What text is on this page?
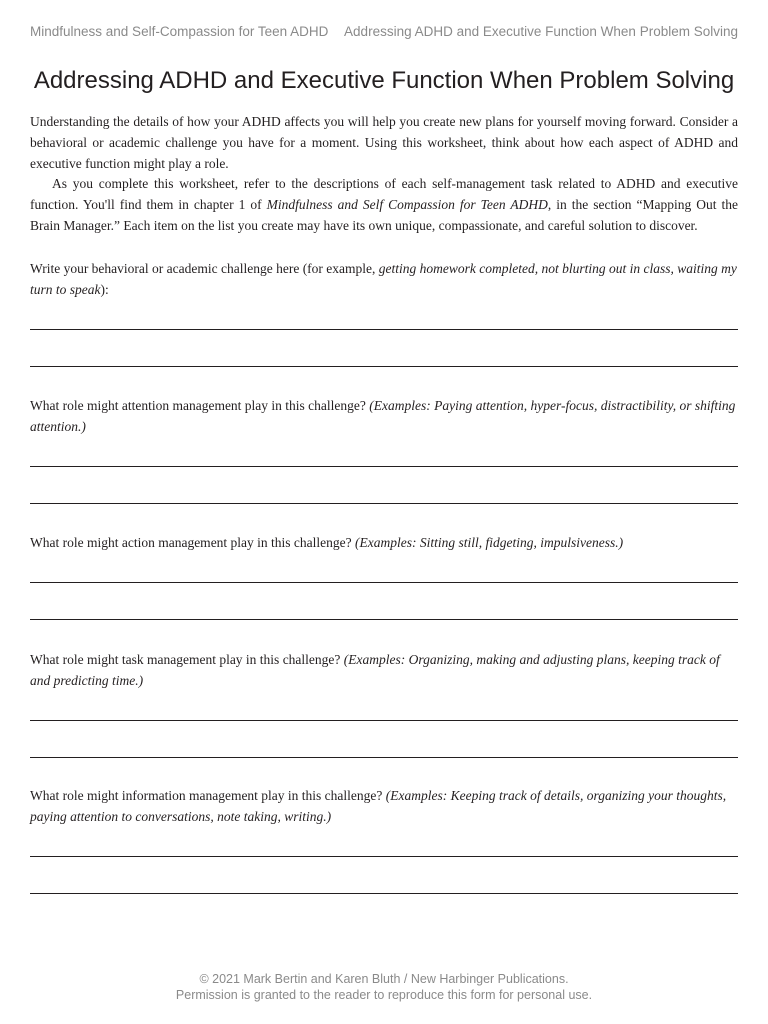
Mindfulness and Self-Compassion for Teen ADHD Addressing ADHD and Executive Function When Problem Solving
Addressing ADHD and Executive Function When Problem Solving

Understanding the details of how your ADHD affects you will help you create new plans for yourself moving forward. Consider a behavioral or academic challenge you have for a moment. Using this worksheet, think about how each aspect of ADHD and executive function might play a role.

As you complete this worksheet, refer to the descriptions of each self-management task related to ADHD and executive function. You'll find them in chapter 1 of Mindfulness and Self Compassion for Teen ADHD, in the section “Mapping Out the Brain Manager.” Each item on the list you create may have its own unique, compassionate, and careful solution to discover.

Write your behavioral or academic challenge here (for example, getting homework completed, not blurting out in class, waiting my turn to speak):
What role might attention management play in this challenge? (Examples: Paying attention, hyper-focus, distractibility, or shifting attention.)
What role might action management play in this challenge? (Examples: Sitting still, fidgeting, impulsiveness.)
What role might task management play in this challenge? (Examples: Organizing, making and adjusting plans, keeping track of and predicting time.)
What role might information management play in this challenge? (Examples: Keeping track of details, organizing your thoughts, paying attention to conversations, note taking, writing.)
© 2021 Mark Bertin and Karen Bluth / New Harbinger Publications.
Permission is granted to the reader to reproduce this form for personal use.
